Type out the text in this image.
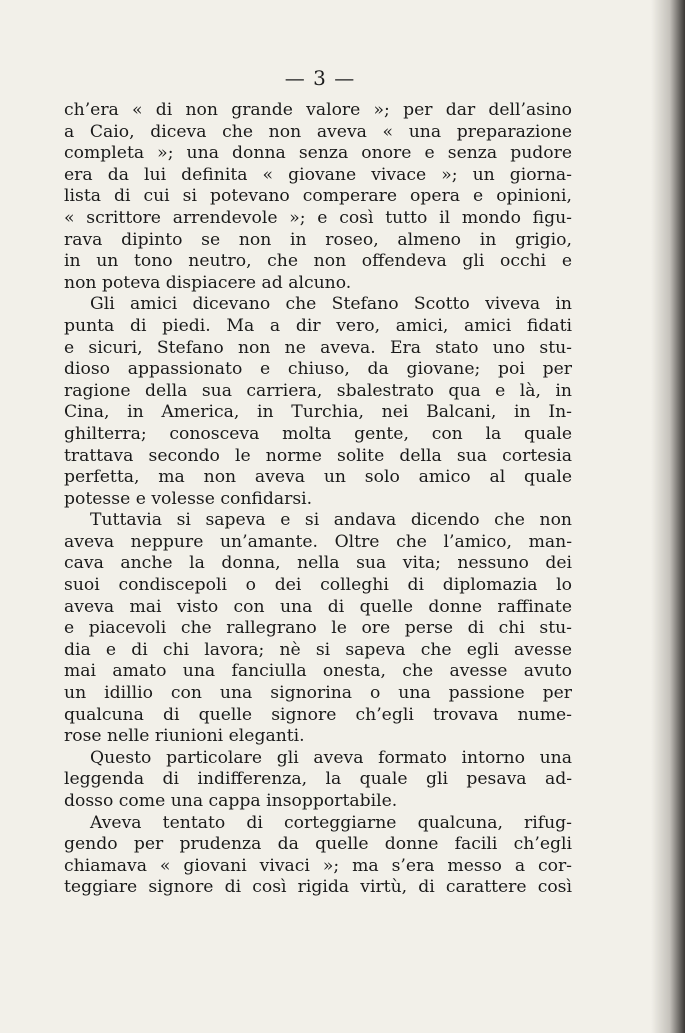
— 3 —
ch’era « di non grande valore »; per dar dell’asino
a Caio, diceva che non aveva « una preparazione
completa »; una donna senza onore e senza pudore
era da lui definita « giovane vivace »; un giorna-
lista di cui si potevano comperare opera e opinioni,
« scrittore arrendevole »; e così tutto il mondo figu-
rava dipinto se non in roseo, almeno in grigio,
in un tono neutro, che non offendeva gli occhi e
non poteva dispiacere ad alcuno.
Gli amici dicevano che Stefano Scotto viveva in
punta di piedi. Ma a dir vero, amici, amici fidati
e sicuri, Stefano non ne aveva. Era stato uno stu-
dioso appassionato e chiuso, da giovane; poi per
ragione della sua carriera, sbalestrato qua e là, in
Cina, in America, in Turchia, nei Balcani, in In-
ghilterra; conosceva molta gente, con la quale
trattava secondo le norme solite della sua cortesia
perfetta, ma non aveva un solo amico al quale
potesse e volesse confidarsi.
Tuttavia si sapeva e si andava dicendo che non
aveva neppure un’amante. Oltre che l’amico, man-
cava anche la donna, nella sua vita; nessuno dei
suoi condiscepoli o dei colleghi di diplomazia lo
aveva mai visto con una di quelle donne raffinate
e piacevoli che rallegrano le ore perse di chi stu-
dia e di chi lavora; nè si sapeva che egli avesse
mai amato una fanciulla onesta, che avesse avuto
un idillio con una signorina o una passione per
qualcuna di quelle signore ch’egli trovava nume-
rose nelle riunioni eleganti.
Questo particolare gli aveva formato intorno una
leggenda di indifferenza, la quale gli pesava ad-
dosso come una cappa insopportabile.
Aveva tentato di corteggiarne qualcuna, rifug-
gendo per prudenza da quelle donne facili ch’egli
chiamava « giovani vivaci »; ma s’era messo a cor-
teggiare signore di così rigida virtù, di carattere così
